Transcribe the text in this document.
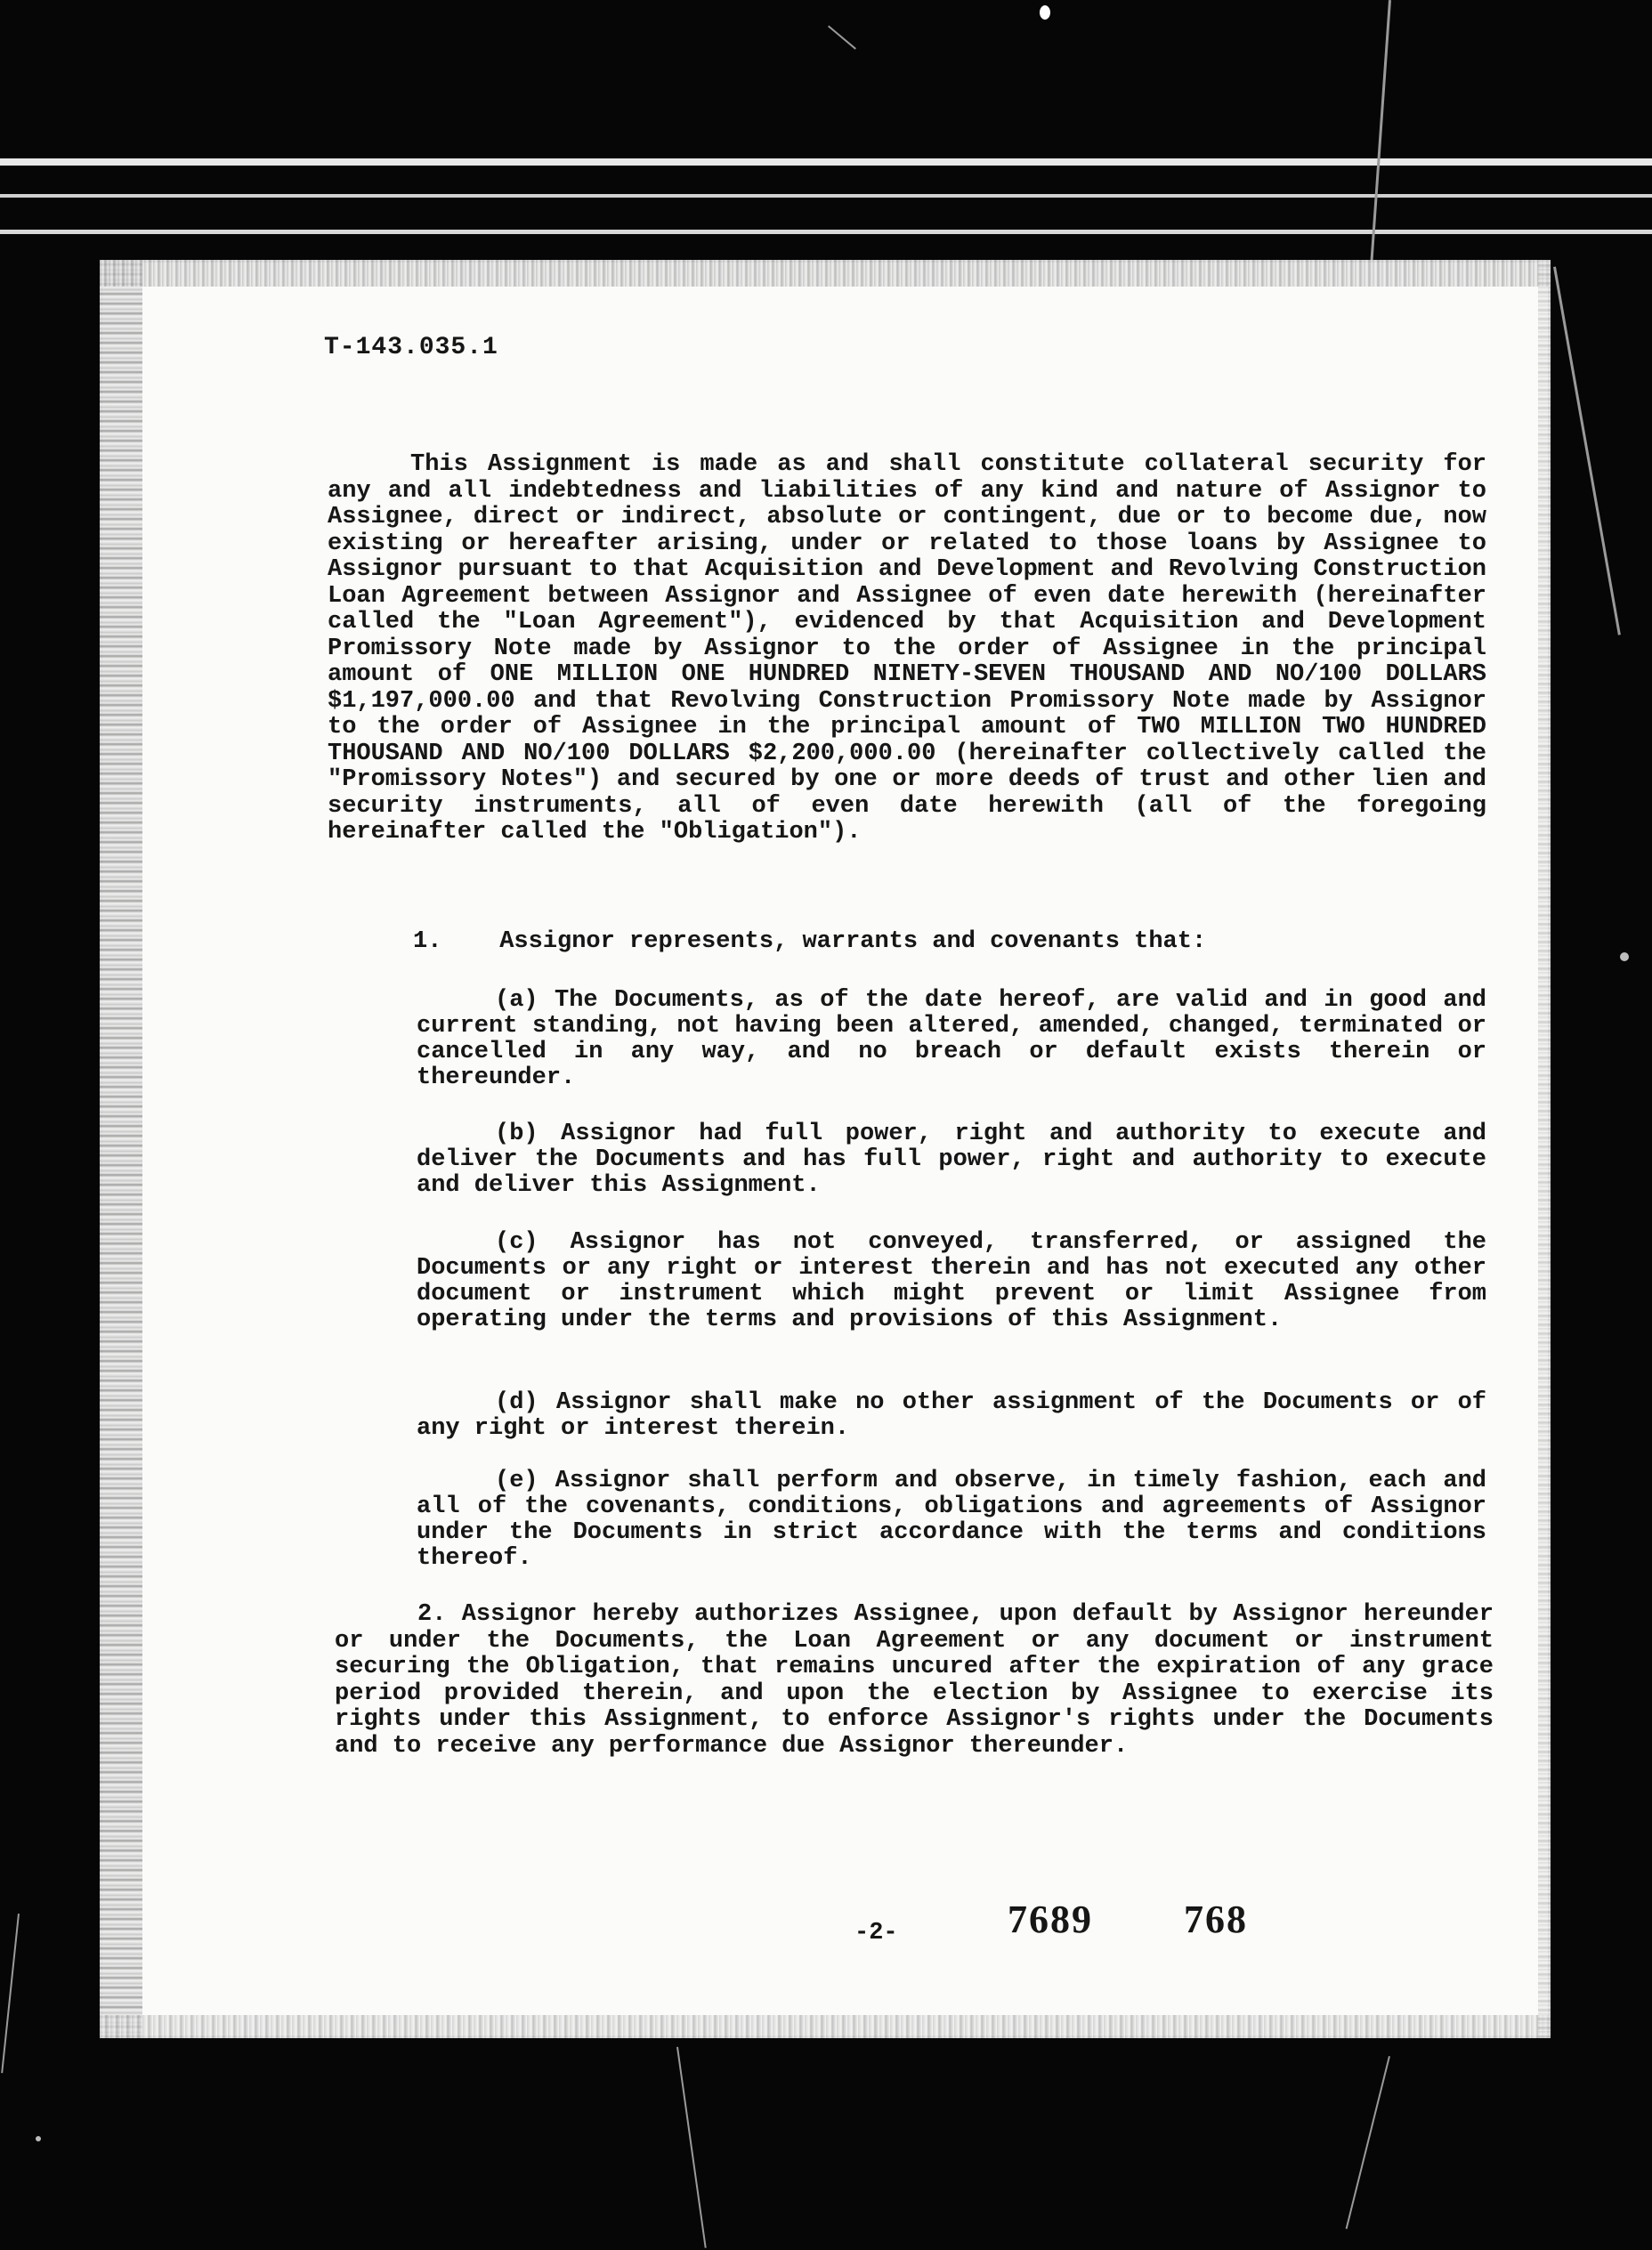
T-143.035.1

This Assignment is made as and shall constitute collateral security for any and all indebtedness and liabilities of any kind and nature of Assignor to Assignee, direct or indirect, absolute or contingent, due or to become due, now existing or hereafter arising, under or related to those loans by Assignee to Assignor pursuant to that Acquisition and Development and Revolving Construction Loan Agreement between Assignor and Assignee of even date herewith (hereinafter called the "Loan Agreement"), evidenced by that Acquisition and Development Promissory Note made by Assignor to the order of Assignee in the principal amount of ONE MILLION ONE HUNDRED NINETY-SEVEN THOUSAND AND NO/100 DOLLARS $1,197,000.00 and that Revolving Construction Promissory Note made by Assignor to the order of Assignee in the principal amount of TWO MILLION TWO HUNDRED THOUSAND AND NO/100 DOLLARS $2,200,000.00 (hereinafter collectively called the "Promissory Notes") and secured by one or more deeds of trust and other lien and security instruments, all of even date herewith (all of the foregoing hereinafter called the "Obligation").

1.    Assignor represents, warrants and covenants that:

(a) The Documents, as of the date hereof, are valid and in good and current standing, not having been altered, amended, changed, terminated or cancelled in any way, and no breach or default exists therein or thereunder.

(b) Assignor had full power, right and authority to execute and deliver the Documents and has full power, right and authority to execute and deliver this Assignment.

(c) Assignor has not conveyed, transferred, or assigned the Documents or any right or interest therein and has not executed any other document or instrument which might prevent or limit Assignee from operating under the terms and provisions of this Assignment.

(d) Assignor shall make no other assignment of the Documents or of any right or interest therein.

(e) Assignor shall perform and observe, in timely fashion, each and all of the covenants, conditions, obligations and agreements of Assignor under the Documents in strict accordance with the terms and conditions thereof.

2. Assignor hereby authorizes Assignee, upon default by Assignor hereunder or under the Documents, the Loan Agreement or any document or instrument securing the Obligation, that remains uncured after the expiration of any grace period provided therein, and upon the election by Assignee to exercise its rights under this Assignment, to enforce Assignor's rights under the Documents and to receive any performance due Assignor thereunder.

-2-	7689 768
